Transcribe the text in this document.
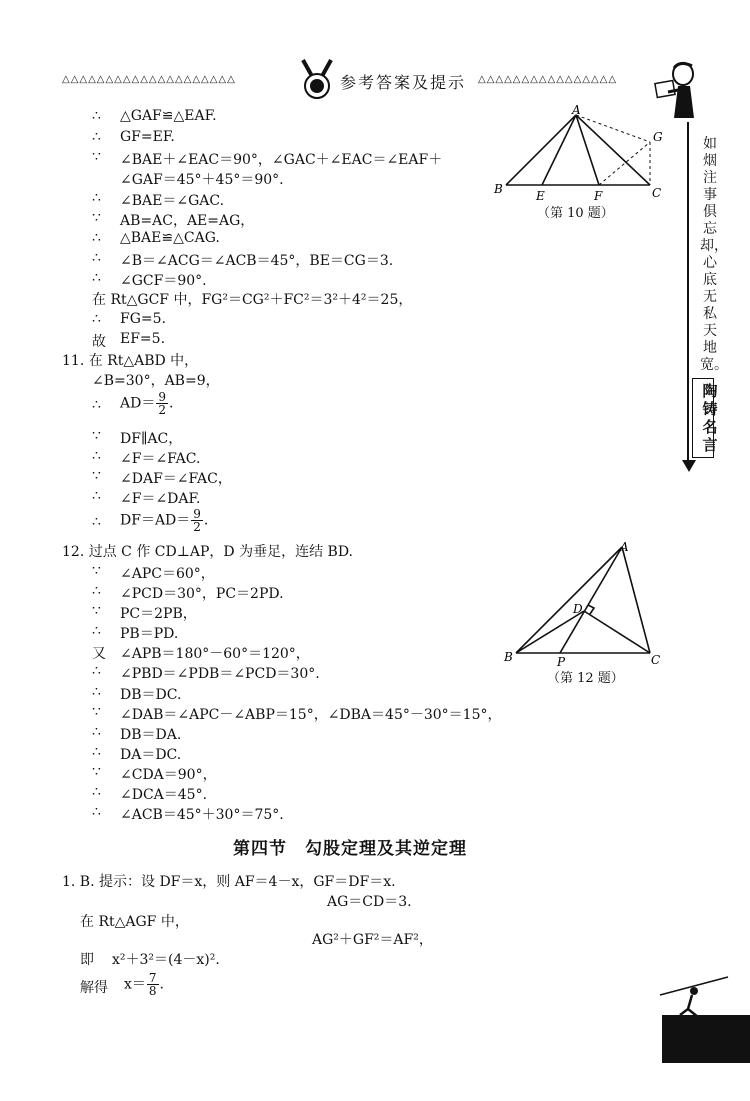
△△△△△△△△△△△△△△△△△△△△	参考答案及提示 △△△△△△△△△△△△△△△△
如烟注事俱忘却，心底无私天地宽。
陶铸名言
A
B	C
E	F
G
（第 10 题）
A
B	C
D
P
（第 12 题）
∴	△GAF≌△EAF.
∴	GF=EF.
∵	∠BAE＋∠EAC＝90°，∠GAC＋∠EAC＝∠EAF＋
∠GAF＝45°＋45°＝90°.
∴	∠BAE＝∠GAC.
∵	AB=AC，AE=AG，
∴	△BAE≌△CAG.
∴	∠B＝∠ACG＝∠ACB＝45°，BE＝CG＝3.
∴	∠GCF＝90°.
在 Rt△GCF 中，FG²＝CG²＋FC²＝3²＋4²＝25，
∴	FG=5.
故 EF=5.
11. 在 Rt△ABD 中，
∠B=30°，AB=9，
∴	$AD= \frac{9}{2}$ .
∵	DF∥AC，
∴	∠F＝∠FAC.
∵	∠DAF＝∠FAC，
∴	∠F＝∠DAF.
∴	$DF=AD= \frac{9}{2}$ .
12. 过点 C 作 CD⊥AP，D 为垂足，连结 BD.
∵	∠APC＝60°，
∴	∠PCD＝30°，PC＝2PD.
∵	PC＝2PB，
∴	PB＝PD.
又 ∠APB＝180°－60°＝120°，
∴	∠PBD＝∠PDB＝∠PCD＝30°.
∴	DB＝DC.
∵	∠DAB＝∠APC－∠ABP＝15°，∠DBA＝45°－30°＝15°，
∴	DB＝DA.
∴	DA＝DC.
∵	∠CDA＝90°，
∴	∠DCA＝45°.
∴	∠ACB＝45°＋30°＝75°.
第四节　勾股定理及其逆定理
1. B. 提示：设 DF＝x，则 AF＝4－x，GF＝DF＝x.
AG＝CD＝3.
在 Rt△AGF 中，
AG²＋GF²＝AF²，
即 x²＋3²＝(4－x)².
解得 $x= \frac{7}{8}$ .
